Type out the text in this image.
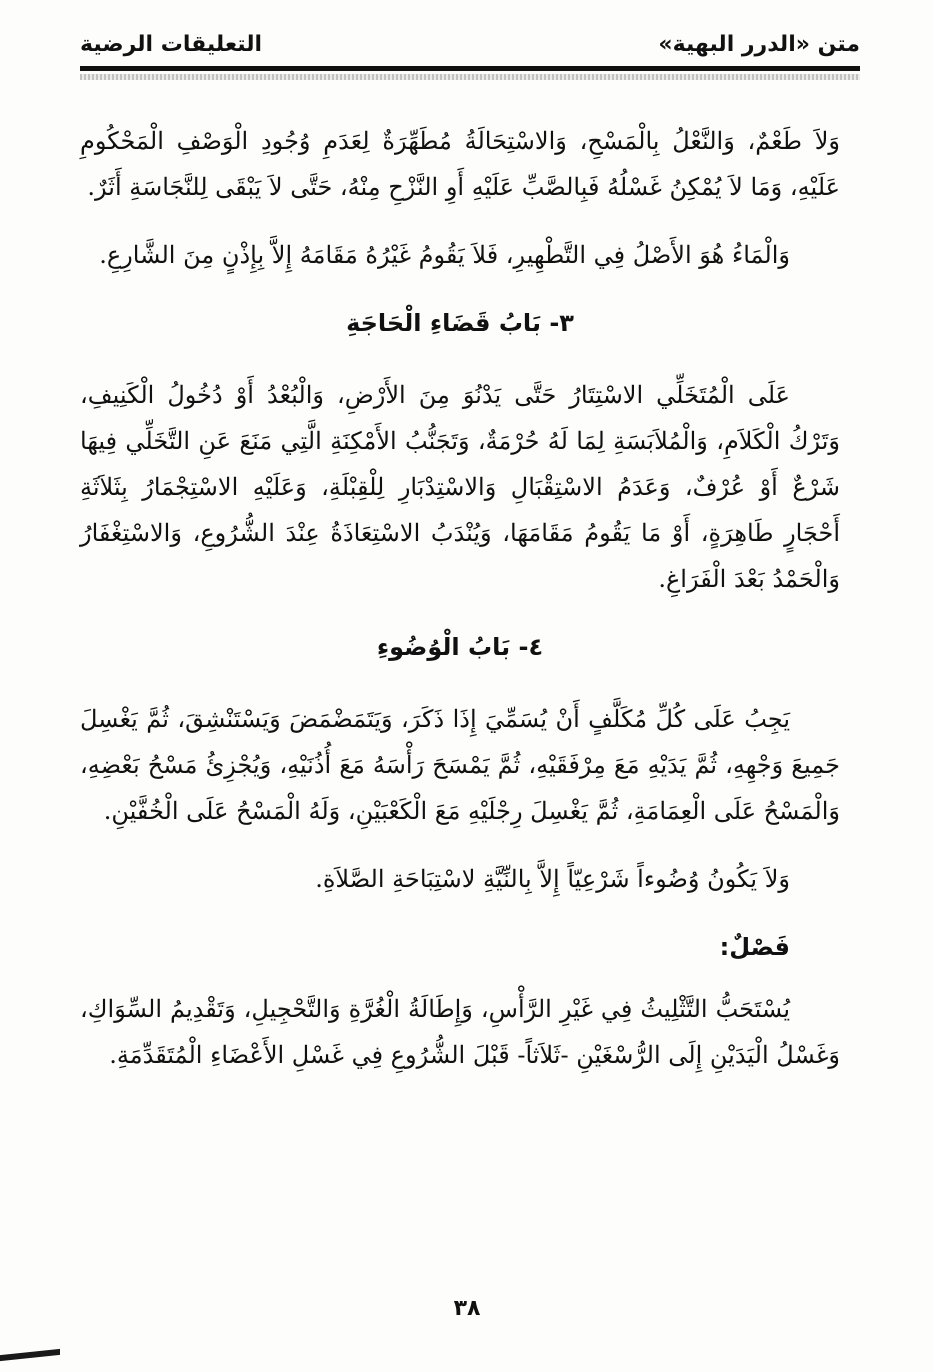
متن «الدرر البهية»
التعليقات الرضية

وَلاَ طَعْمٌ، وَالنَّعْلُ بِالْمَسْحِ، وَالاسْتِحَالَةُ مُطَهِّرَةٌ لِعَدَمِ وُجُودِ الْوَصْفِ الْمَحْكُومِ عَلَيْهِ، وَمَا لاَ يُمْكِنُ غَسْلُهُ فَبِالصَّبِّ عَلَيْهِ أَوِ النَّزْحِ مِنْهُ، حَتَّى لاَ يَبْقَى لِلنَّجَاسَةِ أَثَرٌ.

وَالْمَاءُ هُوَ الأَصْلُ فِي التَّطْهِيرِ، فَلاَ يَقُومُ غَيْرُهُ مَقَامَهُ إِلاَّ بِإِذْنٍ مِنَ الشَّارِعِ.

٣- بَابُ قَضَاءِ الْحَاجَةِ

عَلَى الْمُتَخَلِّي الاسْتِتَارُ حَتَّى يَدْنُوَ مِنَ الأَرْضِ، وَالْبُعْدُ أَوْ دُخُولُ الْكَنِيفِ، وَتَرْكُ الْكَلاَمِ، وَالْمُلاَبَسَةِ لِمَا لَهُ حُرْمَةٌ، وَتَجَنُّبُ الأَمْكِنَةِ الَّتِي مَنَعَ عَنِ التَّخَلِّي فِيهَا شَرْعٌ أَوْ عُرْفٌ، وَعَدَمُ الاسْتِقْبَالِ وَالاسْتِدْبَارِ لِلْقِبْلَةِ، وَعَلَيْهِ الاسْتِجْمَارُ بِثَلاَثَةِ أَحْجَارٍ طَاهِرَةٍ، أَوْ مَا يَقُومُ مَقَامَهَا، وَيُنْدَبُ الاسْتِعَاذَةُ عِنْدَ الشُّرُوعِ، وَالاسْتِغْفَارُ وَالْحَمْدُ بَعْدَ الْفَرَاغِ.

٤- بَابُ الْوُضُوءِ

يَجِبُ عَلَى كُلِّ مُكَلَّفٍ أَنْ يُسَمِّيَ إِذَا ذَكَرَ، وَيَتَمَضْمَضَ وَيَسْتَنْشِقَ، ثُمَّ يَغْسِلَ جَمِيعَ وَجْهِهِ، ثُمَّ يَدَيْهِ مَعَ مِرْفَقَيْهِ، ثُمَّ يَمْسَحَ رَأْسَهُ مَعَ أُذُنَيْهِ، وَيُجْزِئُ مَسْحُ بَعْضِهِ، وَالْمَسْحُ عَلَى الْعِمَامَةِ، ثُمَّ يَغْسِلَ رِجْلَيْهِ مَعَ الْكَعْبَيْنِ، وَلَهُ الْمَسْحُ عَلَى الْخُفَّيْنِ.

وَلاَ يَكُونُ وُضُوءاً شَرْعِيّاً إِلاَّ بِالنِّيَّةِ لاسْتِبَاحَةِ الصَّلاَةِ.

فَصْلٌ:

يُسْتَحَبُّ التَّثْلِيثُ فِي غَيْرِ الرَّأْسِ، وَإِطَالَةُ الْغُرَّةِ وَالتَّحْجِيلِ، وَتَقْدِيمُ السِّوَاكِ، وَغَسْلُ الْيَدَيْنِ إِلَى الرُّسْغَيْنِ -ثَلاَثاً- قَبْلَ الشُّرُوعِ فِي غَسْلِ الأَعْضَاءِ الْمُتَقَدِّمَةِ.

٣٨
